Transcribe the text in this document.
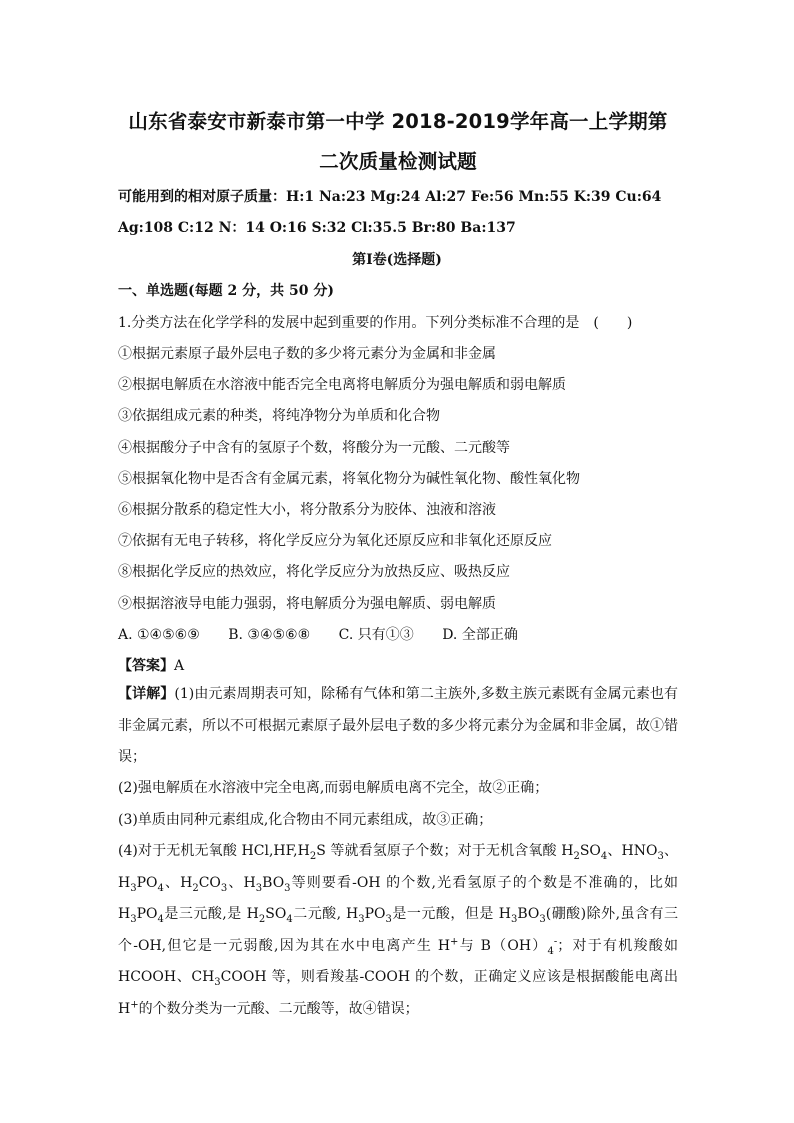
山东省泰安市新泰市第一中学 2018-2019学年高一上学期第
二次质量检测试题
可能用到的相对原子质量：H:1 Na:23 Mg:24 Al:27 Fe:56 Mn:55 K:39 Cu:64
Ag:108 C:12 N：14 O:16 S:32 Cl:35.5 Br:80 Ba:137
第Ⅰ卷(选择题)
一、单选题(每题 2 分，共 50 分)
1.分类方法在化学学科的发展中起到重要的作用。下列分类标准不合理的是　(　　)
①根据元素原子最外层电子数的多少将元素分为金属和非金属
②根据电解质在水溶液中能否完全电离将电解质分为强电解质和弱电解质
③依据组成元素的种类，将纯净物分为单质和化合物
④根据酸分子中含有的氢原子个数，将酸分为一元酸、二元酸等
⑤根据氧化物中是否含有金属元素，将氧化物分为碱性氧化物、酸性氧化物
⑥根据分散系的稳定性大小，将分散系分为胶体、浊液和溶液
⑦依据有无电子转移，将化学反应分为氧化还原反应和非氧化还原反应
⑧根据化学反应的热效应，将化学反应分为放热反应、吸热反应
⑨根据溶液导电能力强弱，将电解质分为强电解质、弱电解质
A. ①④⑤⑥⑨ B. ③④⑤⑥⑧ C. 只有①③ D. 全部正确
【答案】A
【详解】(1)由元素周期表可知，除稀有气体和第二主族外,多数主族元素既有金属元素也有非金属元素，所以不可根据元素原子最外层电子数的多少将元素分为金属和非金属，故①错误；
(2)强电解质在水溶液中完全电离,而弱电解质电离不完全，故②正确；
(3)单质由同种元素组成,化合物由不同元素组成，故③正确；
(4)对于无机无氧酸 $HCl,HF,H_2S$ 等就看氢原子个数；对于无机含氧酸 $H_2SO_4$、$HNO_3$、$H_3PO_4$、$H_2CO_3$、$H_3BO_3$等则要看-OH 的个数,光看氢原子的个数是不准确的，比如 $H_3PO_4$是三元酸,是 $H_2SO_4$二元酸, $H_3PO_3$是一元酸，但是 $H_3BO_3$(硼酸)除外,虽含有三个-OH,但它是一元弱酸,因为其在水中电离产生 H+与 $B(OH)_4^-$；对于有机羧酸如 HCOOH、$CH_3COOH$ 等，则看羧基-COOH 的个数，正确定义应该是根据酸能电离出 H+的个数分类为一元酸、二元酸等，故④错误；
